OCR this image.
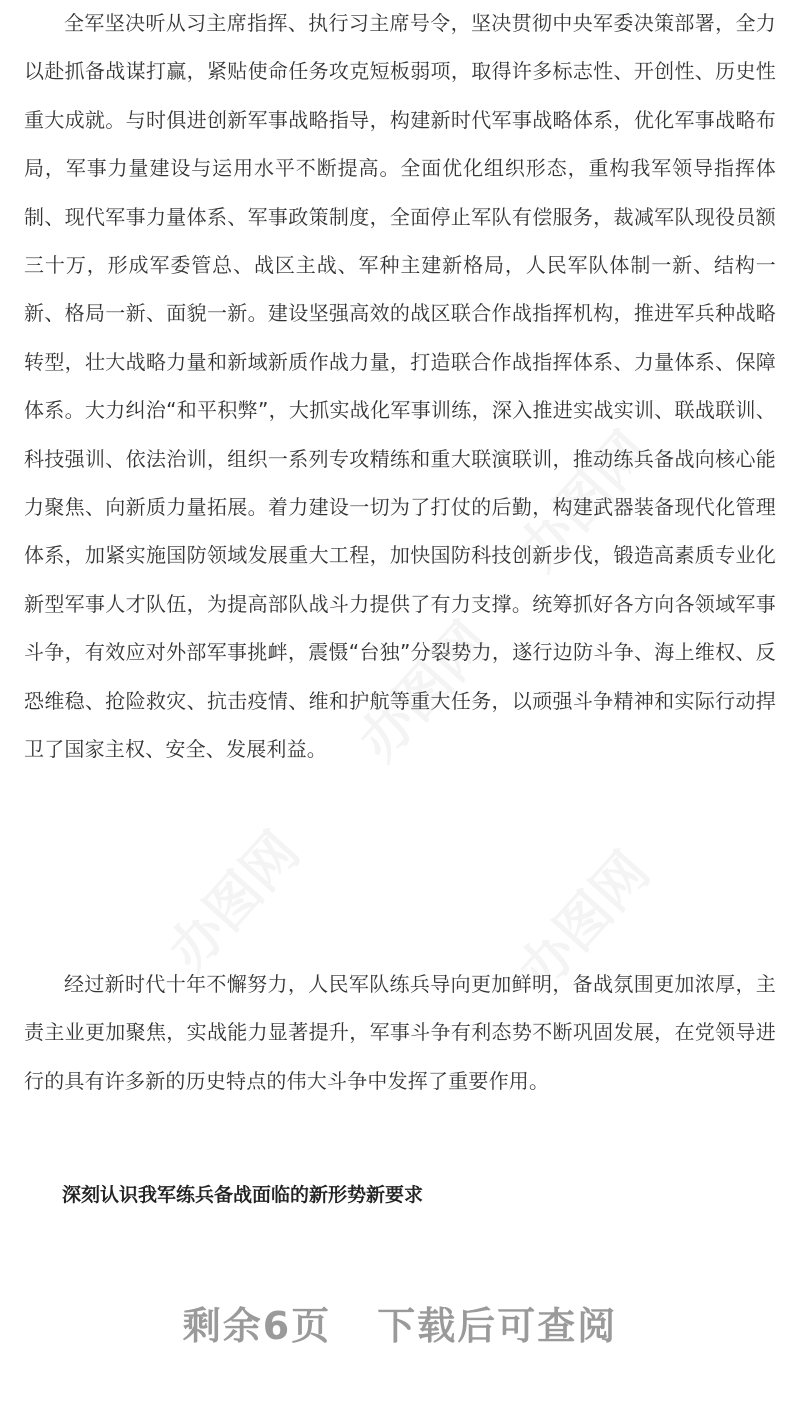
办图网
办图网
办图网
办图网

全军坚决听从习主席指挥、执行习主席号令，坚决贯彻中央军委决策部署，全力以赴抓备战谋打赢，紧贴使命任务攻克短板弱项，取得许多标志性、开创性、历史性重大成就。与时俱进创新军事战略指导，构建新时代军事战略体系，优化军事战略布局，军事力量建设与运用水平不断提高。全面优化组织形态，重构我军领导指挥体制、现代军事力量体系、军事政策制度，全面停止军队有偿服务，裁减军队现役员额三十万，形成军委管总、战区主战、军种主建新格局，人民军队体制一新、结构一新、格局一新、面貌一新。建设坚强高效的战区联合作战指挥机构，推进军兵种战略转型，壮大战略力量和新域新质作战力量，打造联合作战指挥体系、力量体系、保障体系。大力纠治“和平积弊”，大抓实战化军事训练，深入推进实战实训、联战联训、科技强训、依法治训，组织一系列专攻精练和重大联演联训，推动练兵备战向核心能力聚焦、向新质力量拓展。着力建设一切为了打仗的后勤，构建武器装备现代化管理体系，加紧实施国防领域发展重大工程，加快国防科技创新步伐，锻造高素质专业化新型军事人才队伍，为提高部队战斗力提供了有力支撑。统筹抓好各方向各领域军事斗争，有效应对外部军事挑衅，震慑“台独”分裂势力，遂行边防斗争、海上维权、反恐维稳、抢险救灾、抗击疫情、维和护航等重大任务，以顽强斗争精神和实际行动捍卫了国家主权、安全、发展利益。

经过新时代十年不懈努力，人民军队练兵导向更加鲜明，备战氛围更加浓厚，主责主业更加聚焦，实战能力显著提升，军事斗争有利态势不断巩固发展，在党领导进行的具有许多新的历史特点的伟大斗争中发挥了重要作用。

深刻认识我军练兵备战面临的新形势新要求
剩余6页 下载后可查阅
